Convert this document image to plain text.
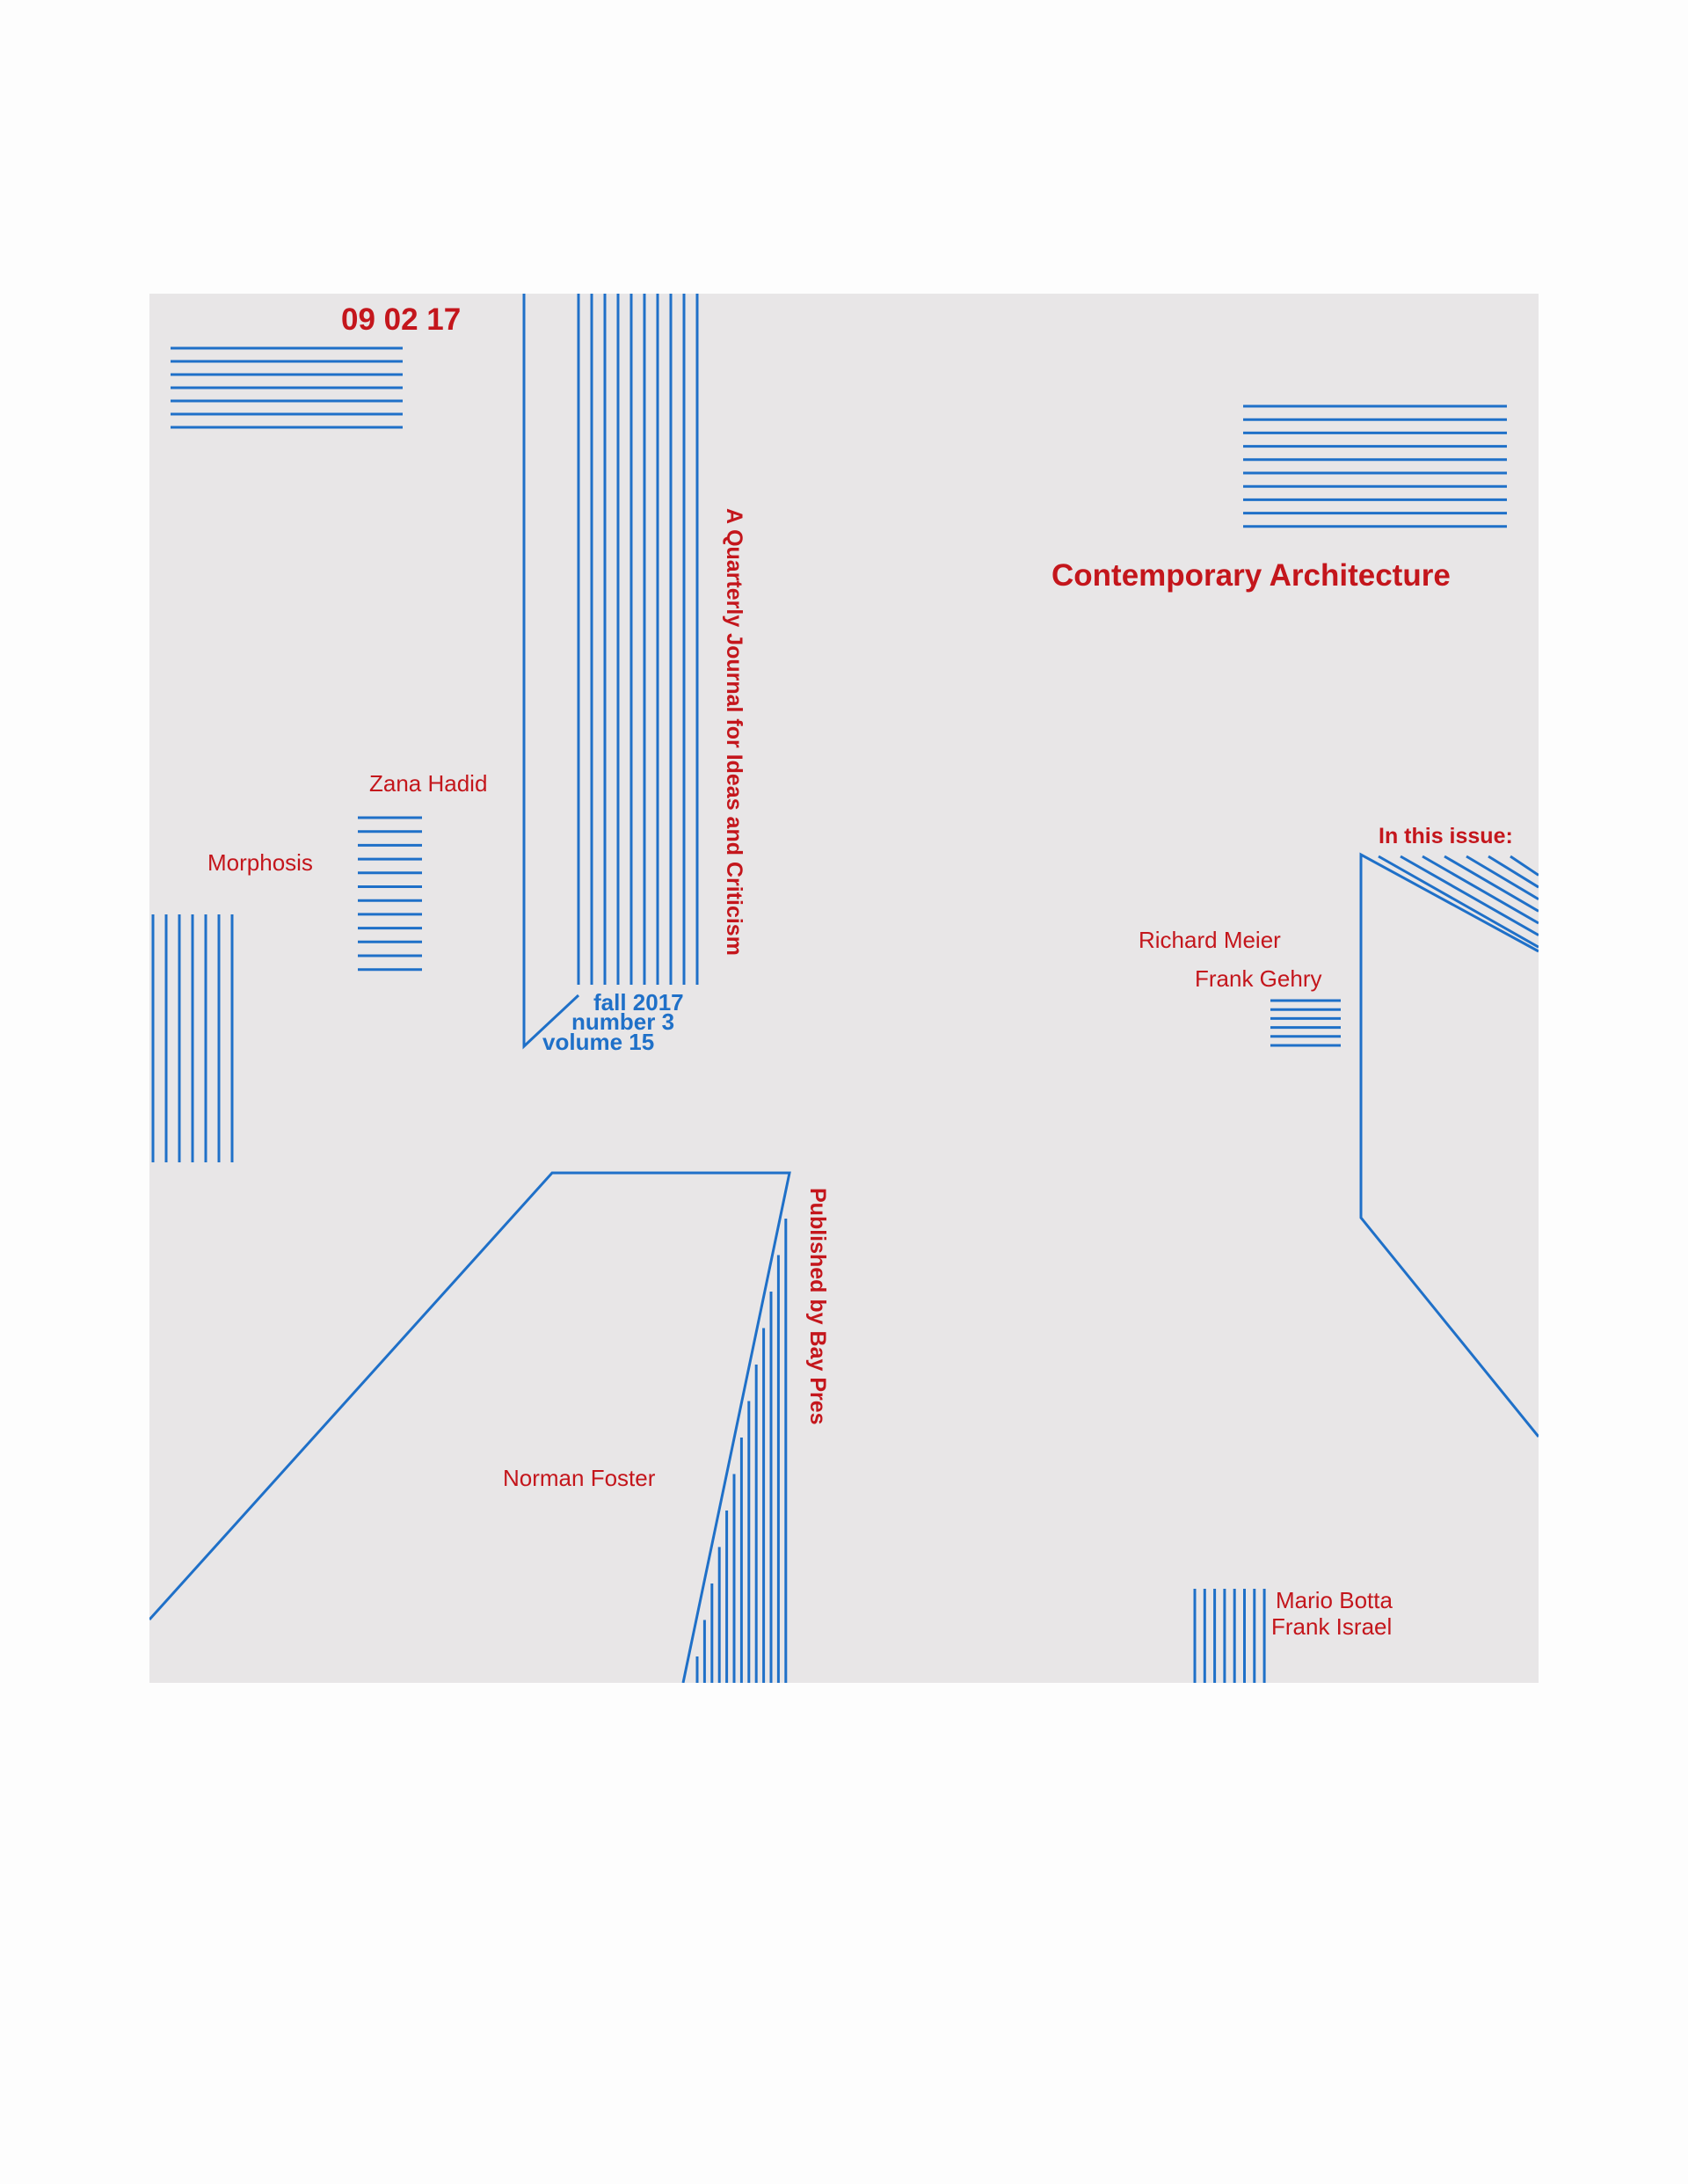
09 02 17
Contemporary Architecture
A Quarterly Journal for Ideas and Criticism
fall 2017
number 3
volume 15
Published by Bay Pres
In this issue:
Zana Hadid
Morphosis
Richard Meier
Frank Gehry
Norman Foster
Mario Botta
Frank Israel
